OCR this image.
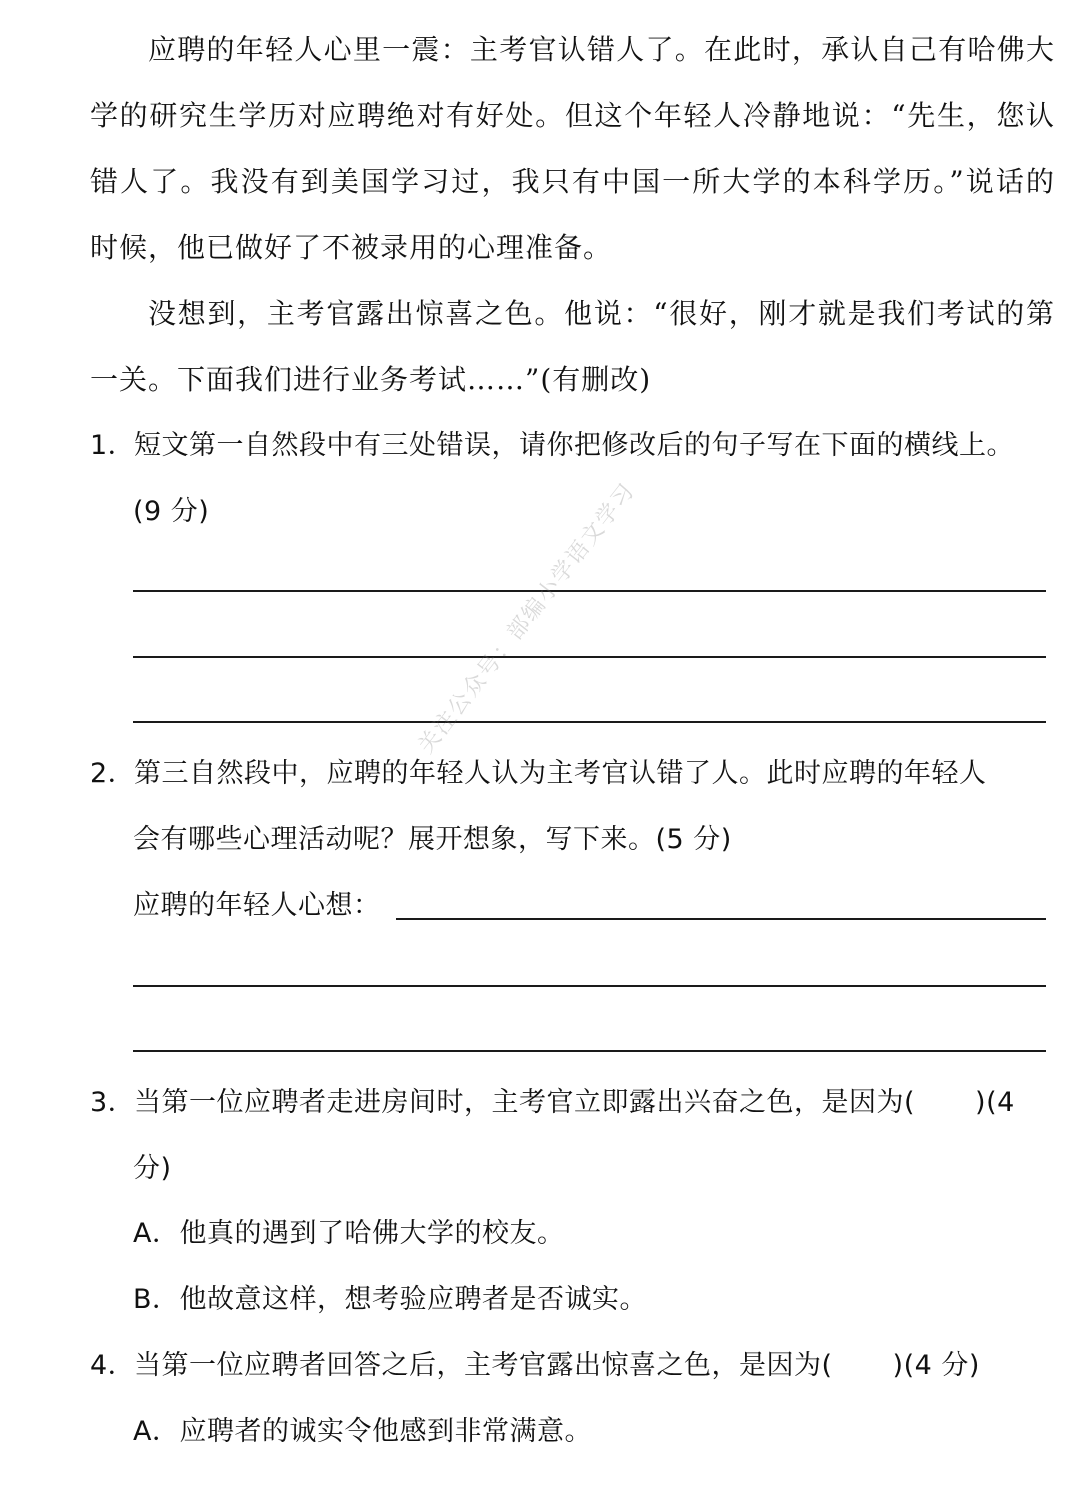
应聘的年轻人心里一震：主考官认错人了。在此时，承认自己有哈佛大
学的研究生学历对应聘绝对有好处。但这个年轻人冷静地说：“先生，您认
错人了。我没有到美国学习过，我只有中国一所大学的本科学历。”说话的
时候，他已做好了不被录用的心理准备。
没想到，主考官露出惊喜之色。他说：“很好，刚才就是我们考试的第
一关。下面我们进行业务考试……”(有删改)
1．短文第一自然段中有三处错误，请你把修改后的句子写在下面的横线上。
(9 分)
2．第三自然段中，应聘的年轻人认为主考官认错了人。此时应聘的年轻人
会有哪些心理活动呢？展开想象，写下来。(5 分)
应聘的年轻人心想：
3．当第一位应聘者走进房间时，主考官立即露出兴奋之色，是因为( )(4
分)
A．他真的遇到了哈佛大学的校友。
B．他故意这样，想考验应聘者是否诚实。
4．当第一位应聘者回答之后，主考官露出惊喜之色，是因为( )(4 分)
A．应聘者的诚实令他感到非常满意。
关注公众号：部编小学语文学习
